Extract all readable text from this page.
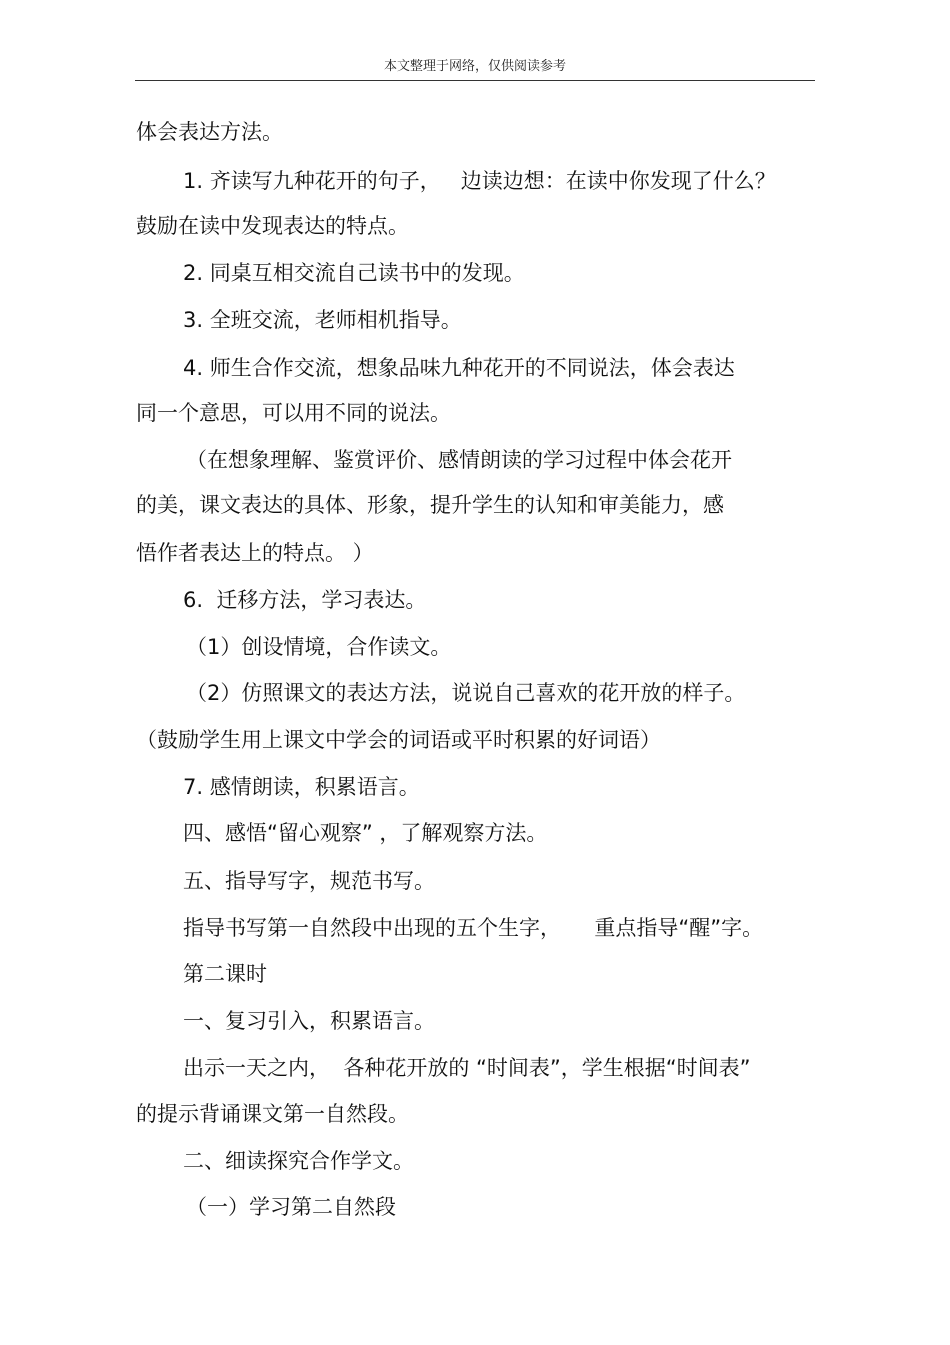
本文整理于网络，仅供阅读参考
体会表达方法。
1. 齐读写九种花开的句子，   边读边想：在读中你发现了什么？
鼓励在读中发现表达的特点。
2. 同桌互相交流自己读书中的发现。
3. 全班交流，老师相机指导。
4. 师生合作交流，想象品味九种花开的不同说法，体会表达
同一个意思，可以用不同的说法。
（在想象理解、鉴赏评价、感情朗读的学习过程中体会花开
的美，课文表达的具体、形象，提升学生的认知和审美能力，感
悟作者表达上的特点。 ）
6.  迁移方法，学习表达。
（1）创设情境，合作读文。
（2）仿照课文的表达方法，说说自己喜欢的花开放的样子。
（鼓励学生用上课文中学会的词语或平时积累的好词语）
7. 感情朗读，积累语言。
四、感悟“留心观察” ，了解观察方法。
五、指导写字，规范书写。
指导书写第一自然段中出现的五个生字，     重点指导“醒”字。
第二课时
一、复习引入，积累语言。
出示一天之内，  各种花开放的 “时间表”，学生根据“时间表”
的提示背诵课文第一自然段。
二、细读探究合作学文。
（一）学习第二自然段
